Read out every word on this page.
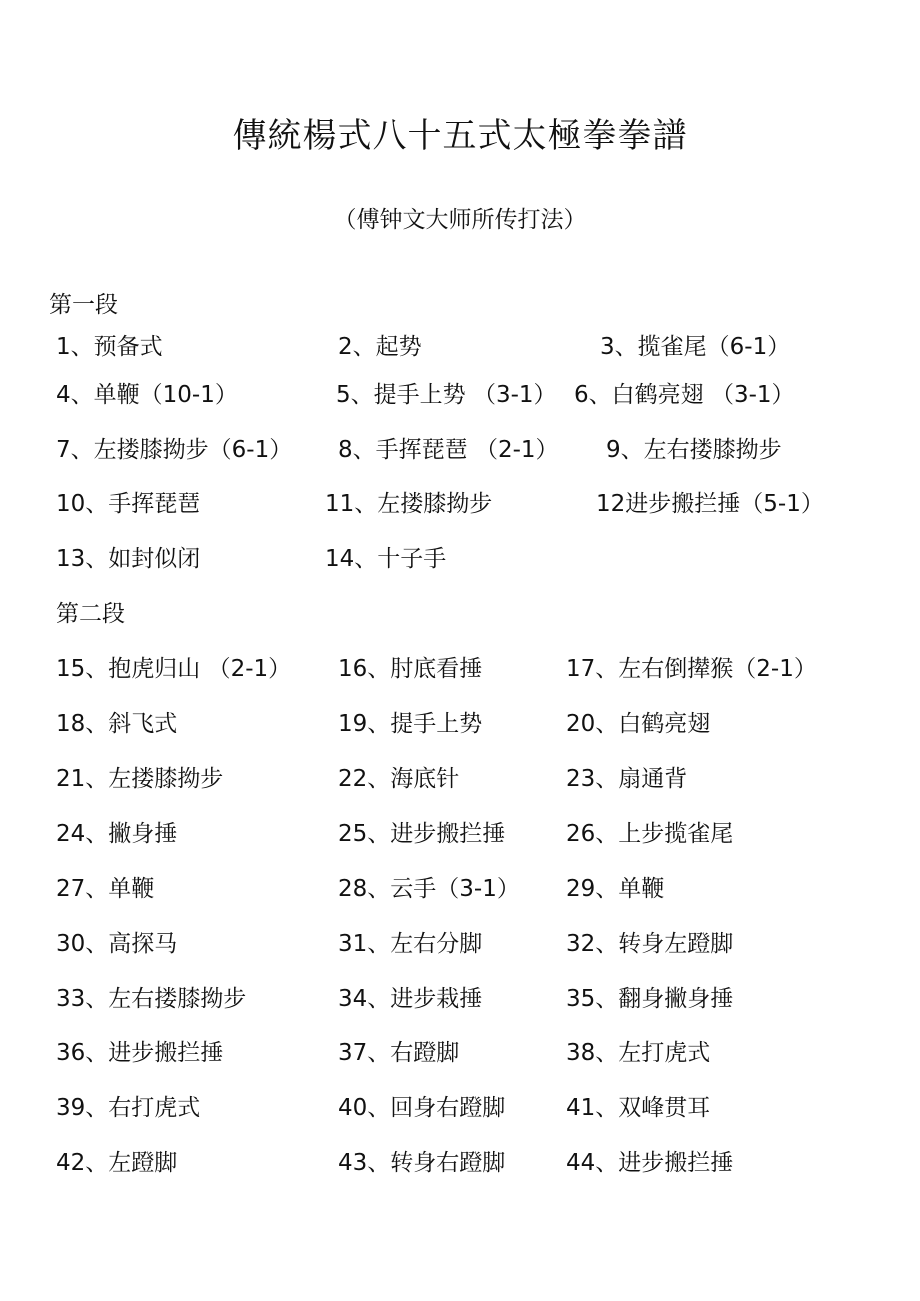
傳統楊式八十五式太極拳拳譜
（傅钟文大师所传打法）
第一段
1、预备式	2、起势	3、揽雀尾（6-1）
4、单鞭（10-1）	5、提手上势 （3-1） 6、白鹤亮翅 （3-1）
7、左搂膝拗步（6-1） 8、手挥琵琶 （2-1） 9、左右搂膝拗步
10、手挥琵琶	11、左搂膝拗步	12进步搬拦捶（5-1）
13、如封似闭	14、十子手
第二段
15、抱虎归山 （2-1） 16、肘底看捶	17、左右倒撵猴（2-1）
18、斜飞式	19、提手上势	20、白鹤亮翅
21、左搂膝拗步	22、海底针	23、扇通背
24、撇身捶	25、进步搬拦捶	26、上步揽雀尾
27、单鞭	28、云手（3-1） 29、单鞭
30、高探马	31、左右分脚	32、转身左蹬脚
33、左右搂膝拗步	34、进步栽捶	35、翻身撇身捶
36、进步搬拦捶	37、右蹬脚	38、左打虎式
39、右打虎式	40、回身右蹬脚	41、双峰贯耳
42、左蹬脚	43、转身右蹬脚	44、进步搬拦捶
